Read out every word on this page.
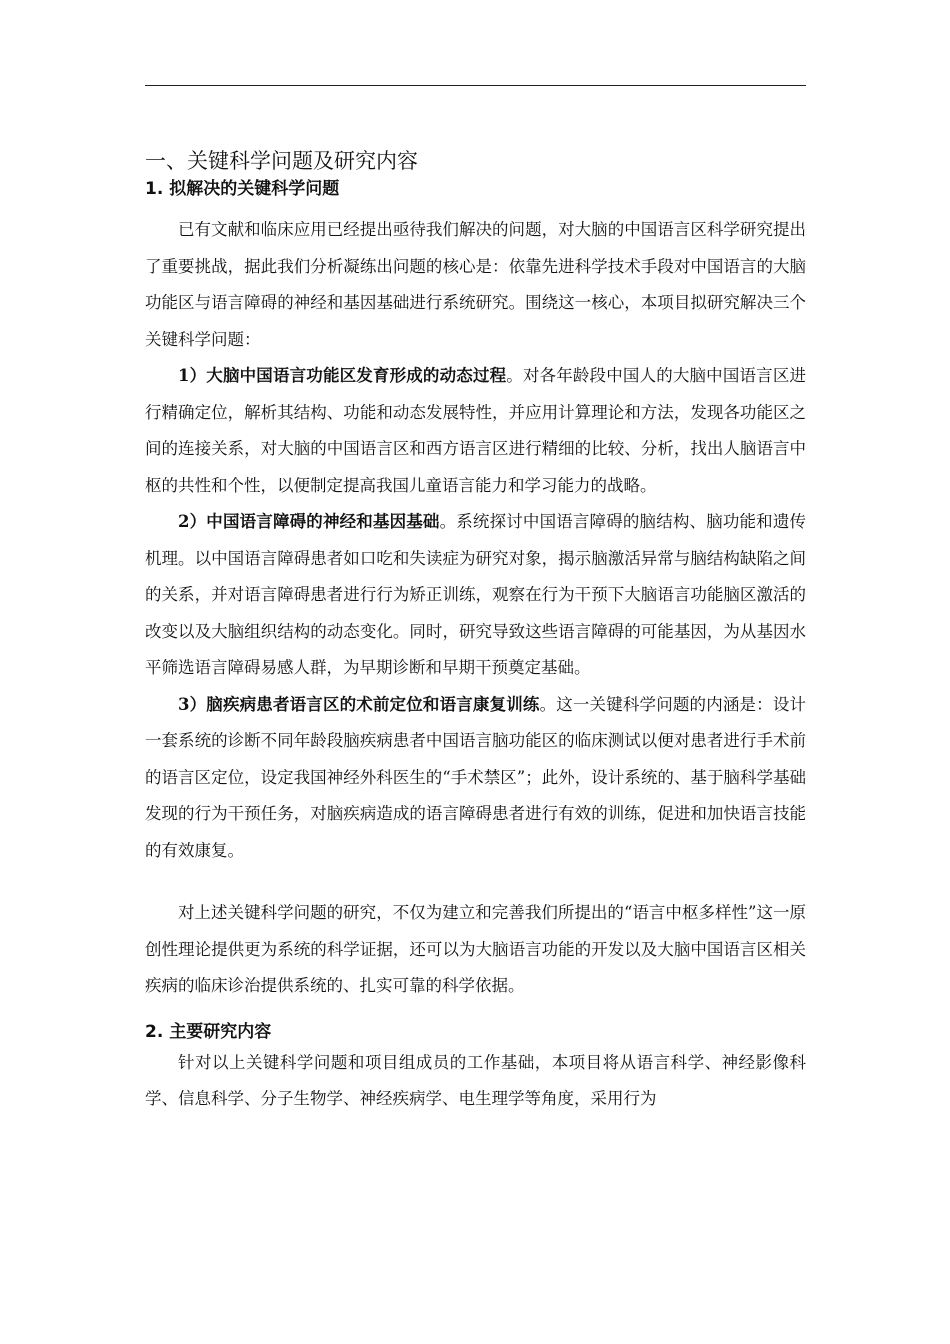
一、关键科学问题及研究内容
1. 拟解决的关键科学问题

已有文献和临床应用已经提出亟待我们解决的问题，对大脑的中国语言区科学研究提出了重要挑战，据此我们分析凝练出问题的核心是：依靠先进科学技术手段对中国语言的大脑功能区与语言障碍的神经和基因基础进行系统研究。围绕这一核心，本项目拟研究解决三个关键科学问题：

1）大脑中国语言功能区发育形成的动态过程。对各年龄段中国人的大脑中国语言区进行精确定位，解析其结构、功能和动态发展特性，并应用计算理论和方法，发现各功能区之间的连接关系，对大脑的中国语言区和西方语言区进行精细的比较、分析，找出人脑语言中枢的共性和个性，以便制定提高我国儿童语言能力和学习能力的战略。

2）中国语言障碍的神经和基因基础。系统探讨中国语言障碍的脑结构、脑功能和遗传机理。以中国语言障碍患者如口吃和失读症为研究对象，揭示脑激活异常与脑结构缺陷之间的关系，并对语言障碍患者进行行为矫正训练，观察在行为干预下大脑语言功能脑区激活的改变以及大脑组织结构的动态变化。同时，研究导致这些语言障碍的可能基因，为从基因水平筛选语言障碍易感人群，为早期诊断和早期干预奠定基础。

3）脑疾病患者语言区的术前定位和语言康复训练。这一关键科学问题的内涵是：设计一套系统的诊断不同年龄段脑疾病患者中国语言脑功能区的临床测试以便对患者进行手术前的语言区定位，设定我国神经外科医生的“手术禁区”；此外，设计系统的、基于脑科学基础发现的行为干预任务，对脑疾病造成的语言障碍患者进行有效的训练，促进和加快语言技能的有效康复。

对上述关键科学问题的研究，不仅为建立和完善我们所提出的“语言中枢多样性”这一原创性理论提供更为系统的科学证据，还可以为大脑语言功能的开发以及大脑中国语言区相关疾病的临床诊治提供系统的、扎实可靠的科学依据。

2. 主要研究内容

针对以上关键科学问题和项目组成员的工作基础，本项目将从语言科学、神经影像科学、信息科学、分子生物学、神经疾病学、电生理学等角度，采用行为
